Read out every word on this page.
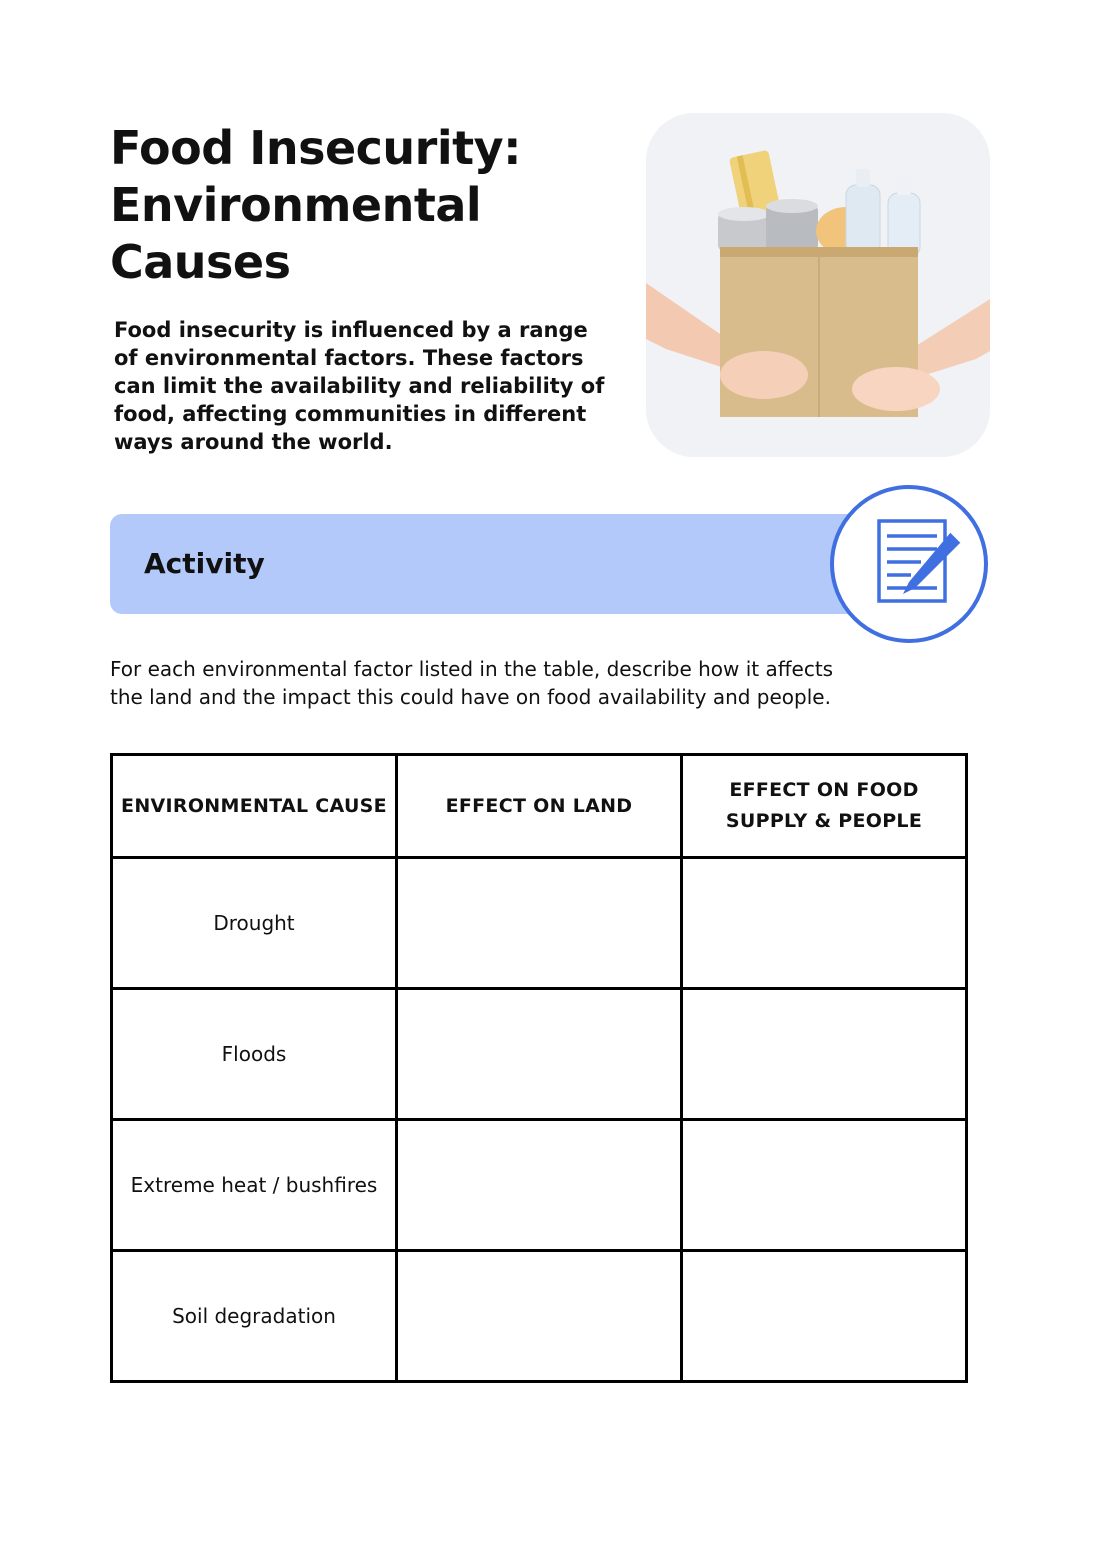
Food Insecurity:
Environmental
Causes
Food insecurity is influenced by a range of environmental factors. These factors can limit the availability and reliability of food, affecting communities in different ways around the world.
Activity
For each environmental factor listed in the table, describe how it affects the land and the impact this could have on food availability and people.
ENVIRONMENTAL CAUSE	EFFECT ON LAND	EFFECT ON FOOD SUPPLY & PEOPLE
Drought		
Floods		
Extreme heat / bushfires		
Soil degradation		
